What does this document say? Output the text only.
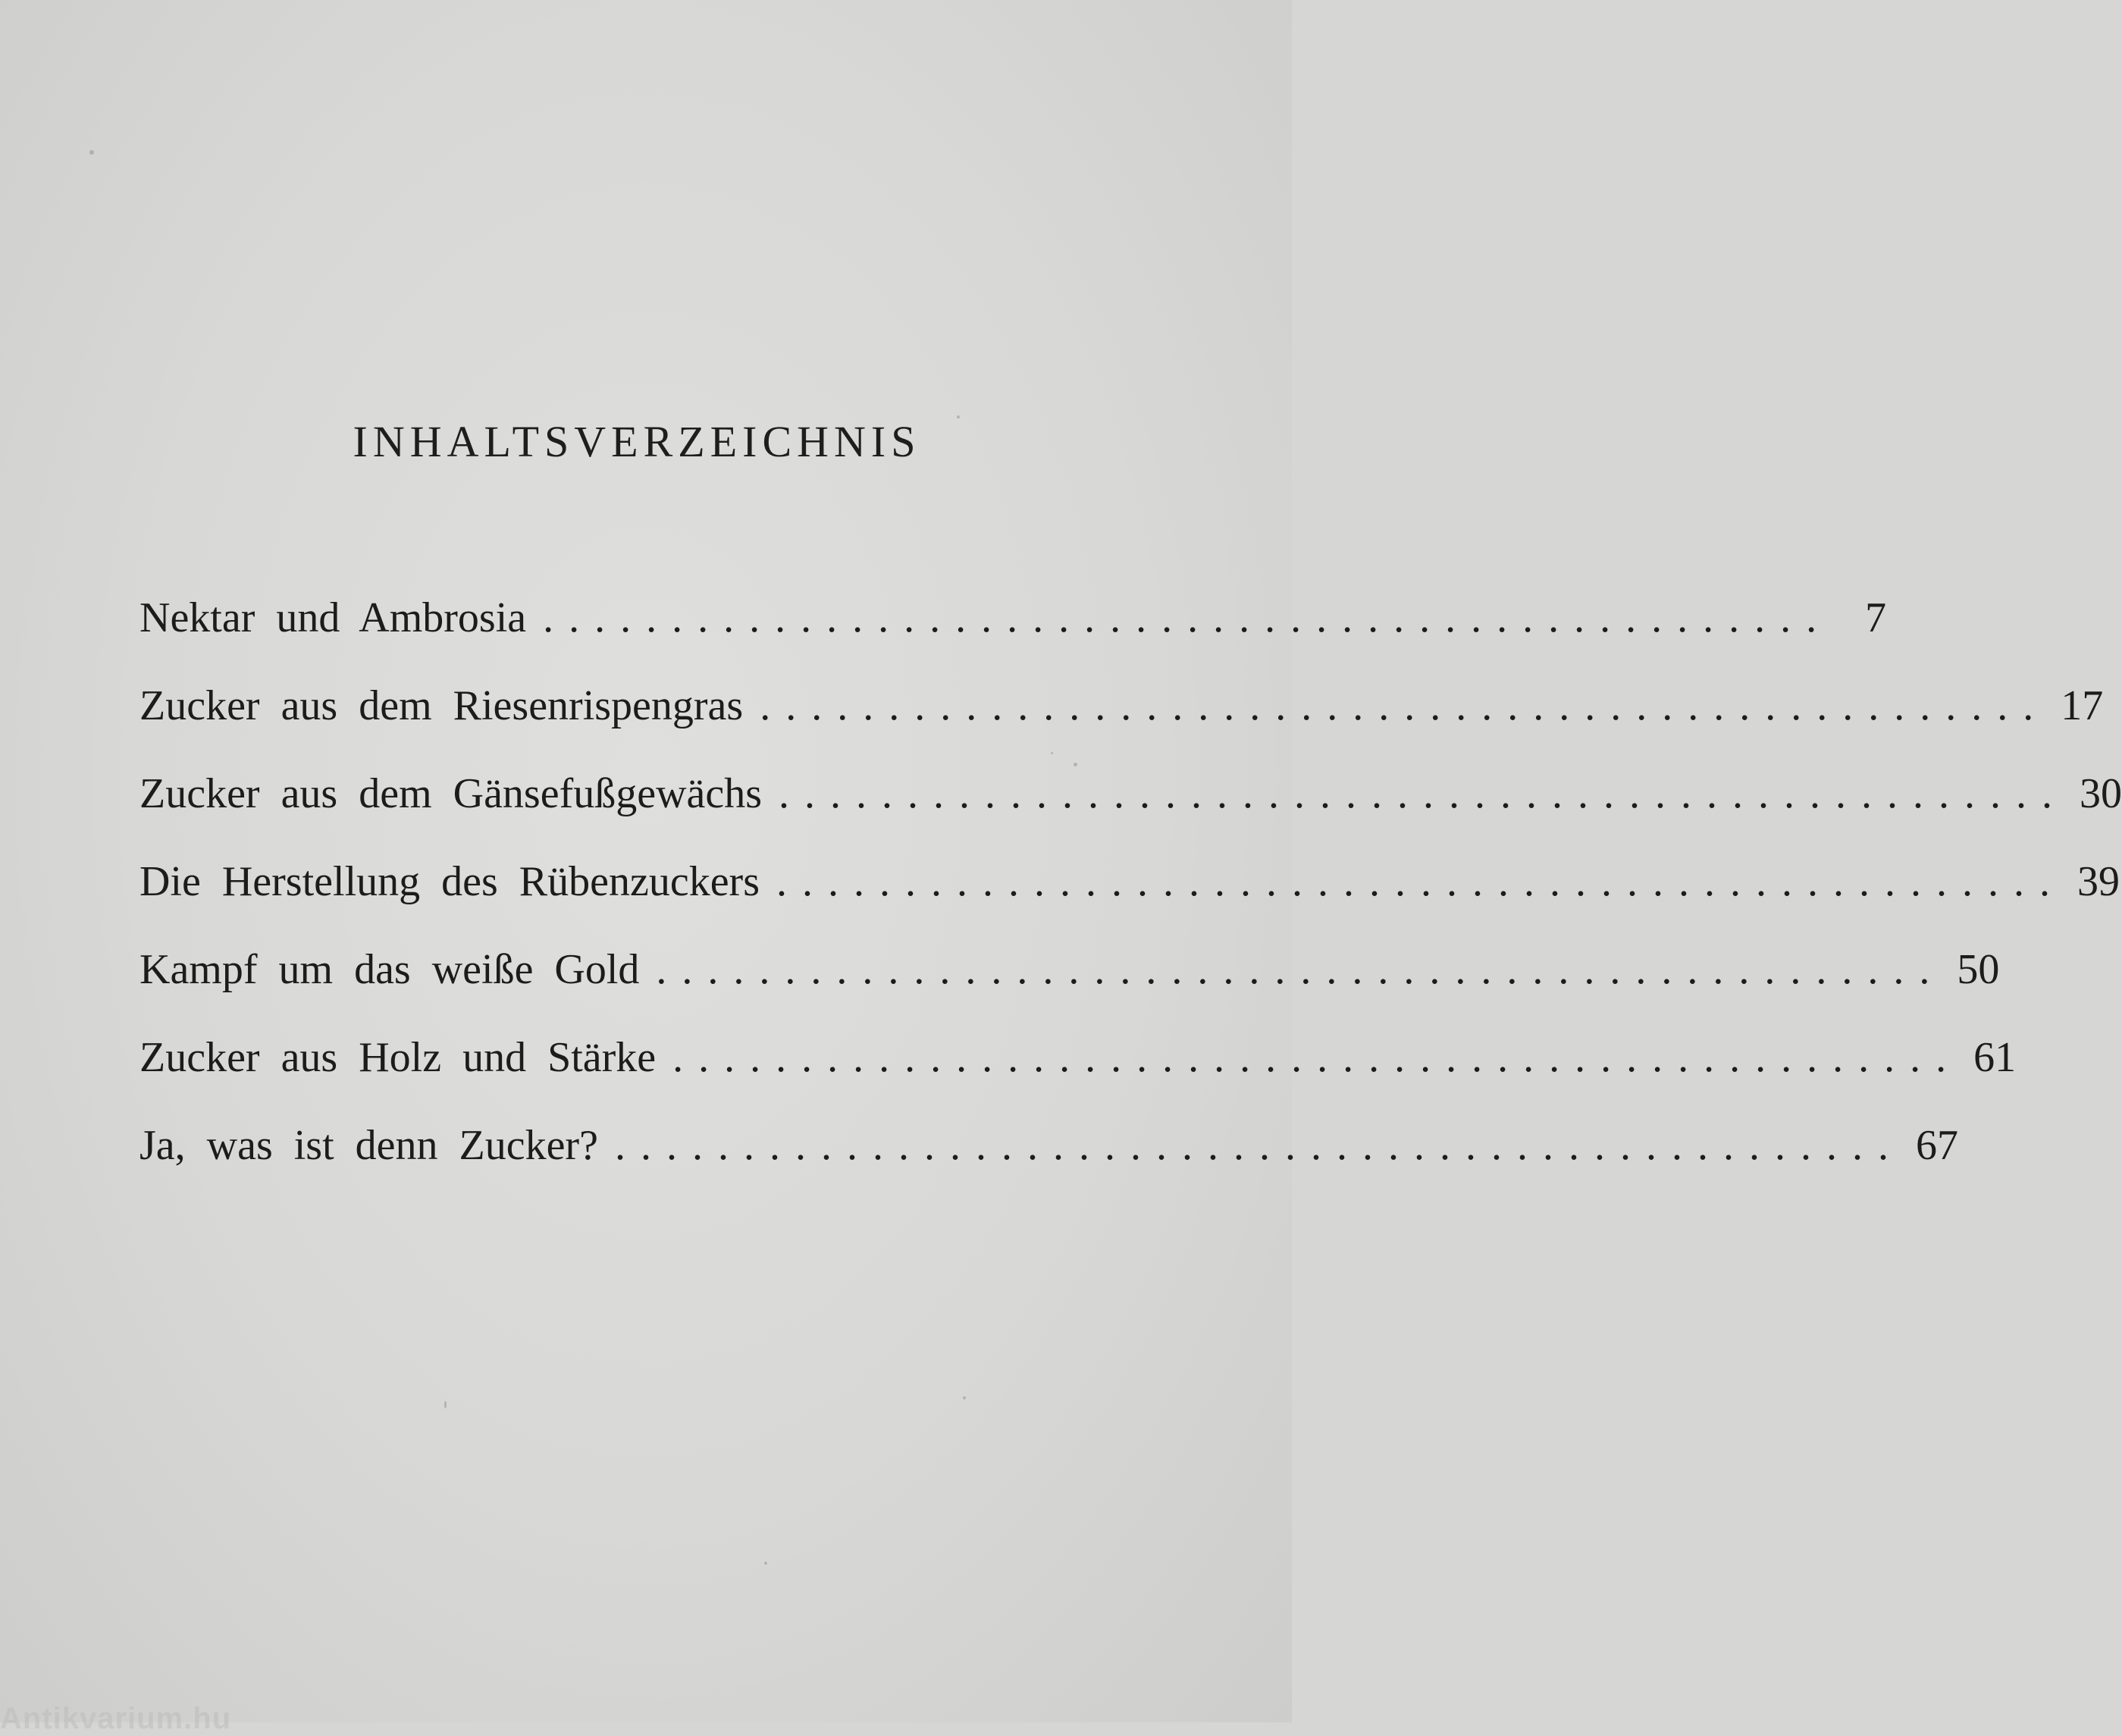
INHALTSVERZEICHNIS
Nektar und Ambrosia .................................................. 7
Zucker aus dem Riesenrispengras .................................................. 17
Zucker aus dem Gänsefußgewächs .................................................. 30
Die Herstellung des Rübenzuckers .................................................. 39
Kampf um das weiße Gold .................................................. 50
Zucker aus Holz und Stärke .................................................. 61
Ja, was ist denn Zucker? .................................................. 67
Antikvarium.hu
